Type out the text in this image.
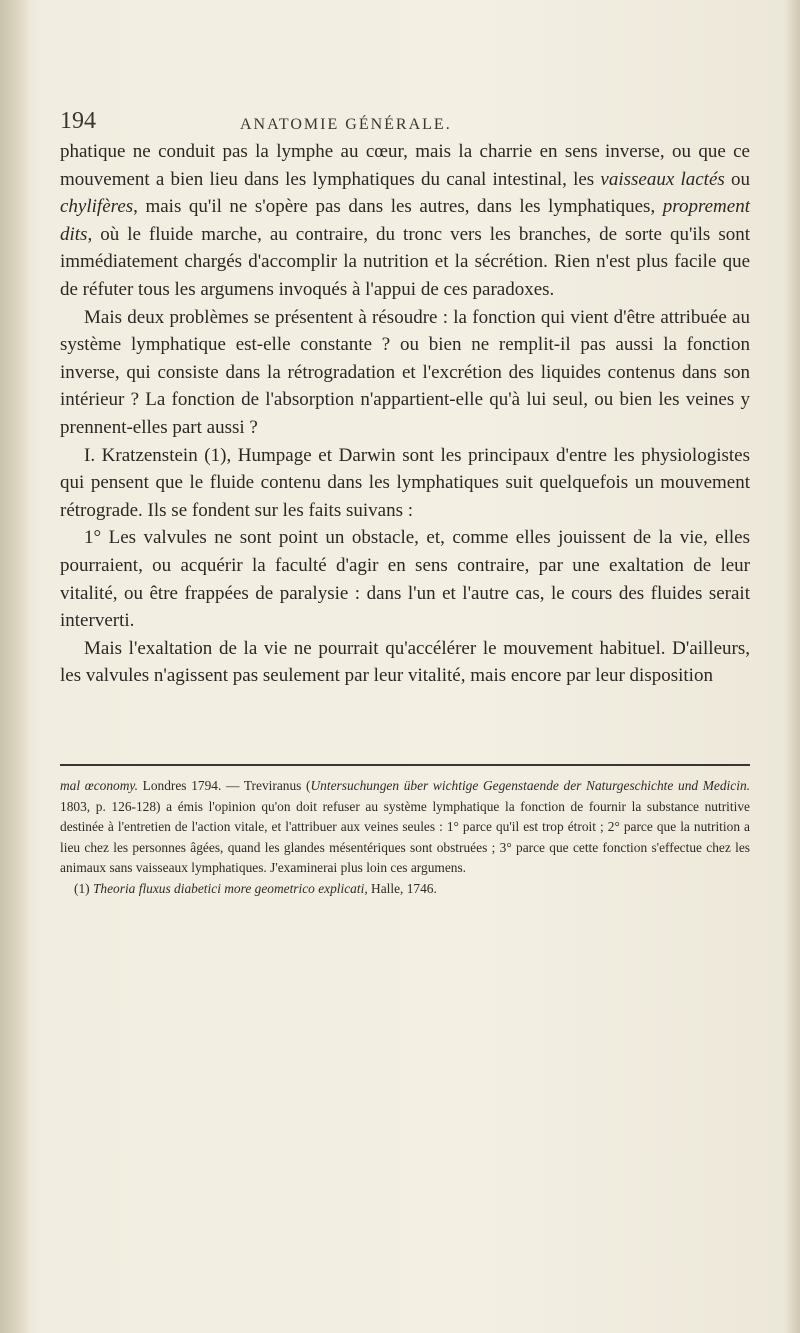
194	ANATOMIE GÉNÉRALE.

phatique ne conduit pas la lymphe au cœur, mais la charrie en sens inverse, ou que ce mouvement a bien lieu dans les lymphatiques du canal intestinal, les vaisseaux lactés ou chylifères, mais qu'il ne s'opère pas dans les autres, dans les lymphatiques, proprement dits, où le fluide marche, au contraire, du tronc vers les branches, de sorte qu'ils sont immédiatement chargés d'accomplir la nutrition et la sécrétion. Rien n'est plus facile que de réfuter tous les argumens invoqués à l'appui de ces paradoxes.

Mais deux problèmes se présentent à résoudre : la fonction qui vient d'être attribuée au système lymphatique est-elle constante ? ou bien ne remplit-il pas aussi la fonction inverse, qui consiste dans la rétrogradation et l'excrétion des liquides contenus dans son intérieur ? La fonction de l'absorption n'appartient-elle qu'à lui seul, ou bien les veines y prennent-elles part aussi ?

I. Kratzenstein (1), Humpage et Darwin sont les principaux d'entre les physiologistes qui pensent que le fluide contenu dans les lymphatiques suit quelquefois un mouvement rétrograde. Ils se fondent sur les faits suivans :

1° Les valvules ne sont point un obstacle, et, comme elles jouissent de la vie, elles pourraient, ou acquérir la faculté d'agir en sens contraire, par une exaltation de leur vitalité, ou être frappées de paralysie : dans l'un et l'autre cas, le cours des fluides serait interverti.

Mais l'exaltation de la vie ne pourrait qu'accélérer le mouvement habituel. D'ailleurs, les valvules n'agissent pas seulement par leur vitalité, mais encore par leur disposition

mal œconomy. Londres 1794. — Treviranus (Untersuchungen über wichtige Gegenstaende der Naturgeschichte und Medicin. 1803, p. 126-128) a émis l'opinion qu'on doit refuser au système lymphatique la fonction de fournir la substance nutritive destinée à l'entretien de l'action vitale, et l'attribuer aux veines seules : 1° parce qu'il est trop étroit ; 2° parce que la nutrition a lieu chez les personnes âgées, quand les glandes mésentériques sont obstruées ; 3° parce que cette fonction s'effectue chez les animaux sans vaisseaux lymphatiques. J'examinerai plus loin ces argumens.

(1) Theoria fluxus diabetici more geometrico explicati, Halle, 1746.
